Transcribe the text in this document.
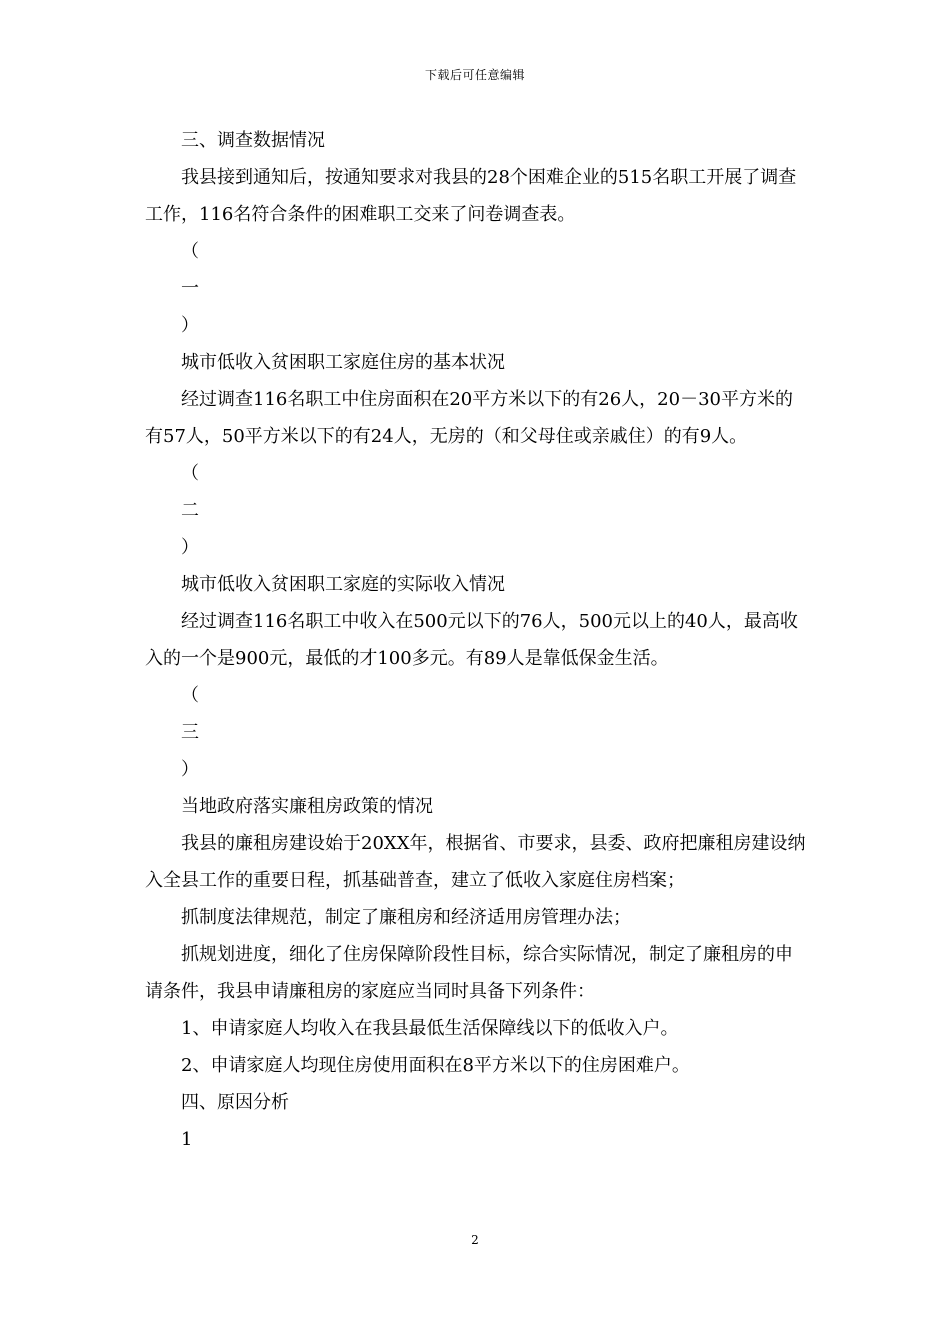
下载后可任意编辑

三、调查数据情况

我县接到通知后，按通知要求对我县的28个困难企业的515名职工开展了调查工作，116名符合条件的困难职工交来了问卷调查表。

（

一

）

城市低收入贫困职工家庭住房的基本状况

经过调查116名职工中住房面积在20平方米以下的有26人，20－30平方米的有57人，50平方米以下的有24人，无房的（和父母住或亲戚住）的有9人。

（

二

）

城市低收入贫困职工家庭的实际收入情况

经过调查116名职工中收入在500元以下的76人，500元以上的40人，最高收入的一个是900元，最低的才100多元。有89人是靠低保金生活。

（

三

）

当地政府落实廉租房政策的情况

我县的廉租房建设始于20XX年，根据省、市要求，县委、政府把廉租房建设纳入全县工作的重要日程，抓基础普查，建立了低收入家庭住房档案；

抓制度法律规范，制定了廉租房和经济适用房管理办法；

抓规划进度，细化了住房保障阶段性目标，综合实际情况，制定了廉租房的申请条件，我县申请廉租房的家庭应当同时具备下列条件：

1、申请家庭人均收入在我县最低生活保障线以下的低收入户。

2、申请家庭人均现住房使用面积在8平方米以下的住房困难户。

四、原因分析

1

2
